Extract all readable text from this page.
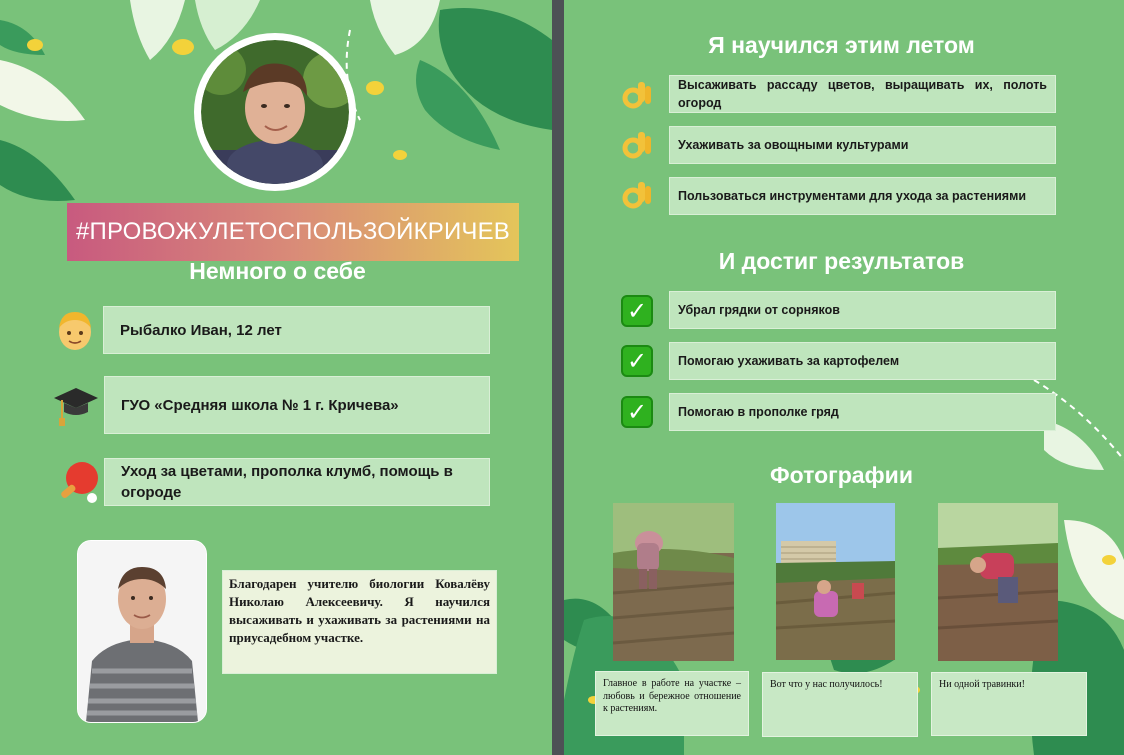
#ПРОВОЖУЛЕТОСПОЛЬЗОЙКРИЧЕВ
Немного о себе
Рыбалко Иван, 12 лет
ГУО «Средняя школа № 1 г. Кричева»
Уход за цветами, прополка клумб, помощь в огороде
Благодарен учителю биологии Ковалёву Николаю Алексеевичу. Я научился высаживать и ухаживать за растениями на приусадебном участке.
Я научился этим летом
Высаживать рассаду цветов, выращивать их, полоть огород
Ухаживать за овощными культурами
Пользоваться инструментами для ухода за растениями
И достиг результатов
✓	Убрал грядки от сорняков
✓	Помогаю ухаживать за картофелем
✓	Помогаю в прополке гряд
Фотографии
Главное в работе на участке – любовь и бережное отношение к растениям.
Вот что у нас получилось!	Ни одной травинки!
